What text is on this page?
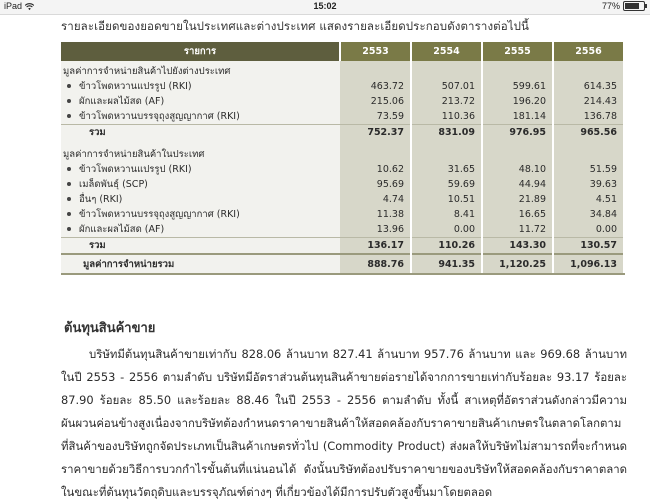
iPad	15:02	77%
รายละเอียดของยอดขายในประเทศและต่างประเทศ แสดงรายละเอียดประกอบดังตารางต่อไปนี้
รายการ	2553	2554	2555	2556
มูลค่าการจำหน่ายสินค้าไปยังต่างประเทศ				
ข้าวโพดหวานแปรรูป (RKI)	463.72	507.01	599.61	614.35
ผักและผลไม้สด (AF)	215.06	213.72	196.20	214.43
ข้าวโพดหวานบรรจุถุงสูญญากาศ (RKI)	73.59	110.36	181.14	136.78
รวม	752.37	831.09	976.95	965.56

มูลค่าการจำหน่ายสินค้าในประเทศ				
ข้าวโพดหวานแปรรูป (RKI)	10.62	31.65	48.10	51.59
เมล็ดพันธุ์ (SCP)	95.69	59.69	44.94	39.63
อื่นๆ (RKI)	4.74	10.51	21.89	4.51
ข้าวโพดหวานบรรจุถุงสูญญากาศ (RKI)	11.38	8.41	16.65	34.84
ผักและผลไม้สด (AF)	13.96	0.00	11.72	0.00
รวม	136.17	110.26	143.30	130.57
มูลค่าการจำหน่ายรวม	888.76	941.35	1,120.25	1,096.13
ต้นทุนสินค้าขาย
บริษัทมีต้นทุนสินค้าขายเท่ากับ 828.06 ล้านบาท 827.41 ล้านบาท 957.76 ล้านบาท และ 969.68 ล้านบาท ในปี 2553 - 2556 ตามลำดับ บริษัทมีอัตราส่วนต้นทุนสินค้าขายต่อรายได้จากการขายเท่ากับร้อยละ 93.17 ร้อยละ 87.90 ร้อยละ 85.50 และร้อยละ 88.46 ในปี 2553 - 2556 ตามลำดับ ทั้งนี้ สาเหตุที่อัตราส่วนดังกล่าวมีความผันผวนค่อนข้างสูงเนื่องจากบริษัทต้องกำหนดราคาขายสินค้าให้สอดคล้องกับราคาขายสินค้าเกษตรในตลาดโลกตามที่สินค้าของบริษัทถูกจัดประเภทเป็นสินค้าเกษตรทั่วไป (Commodity Product) ส่งผลให้บริษัทไม่สามารถที่จะกำหนดราคาขายด้วยวิธีการบวกกำไรขั้นต้นที่แน่นอนได้ ดังนั้นบริษัทต้องปรับราคาขายของบริษัทให้สอดคล้องกับราคาตลาด ในขณะที่ต้นทุนวัตถุดิบและบรรจุภัณฑ์ต่างๆ ที่เกี่ยวข้องได้มีการปรับตัวสูงขึ้นมาโดยตลอด
